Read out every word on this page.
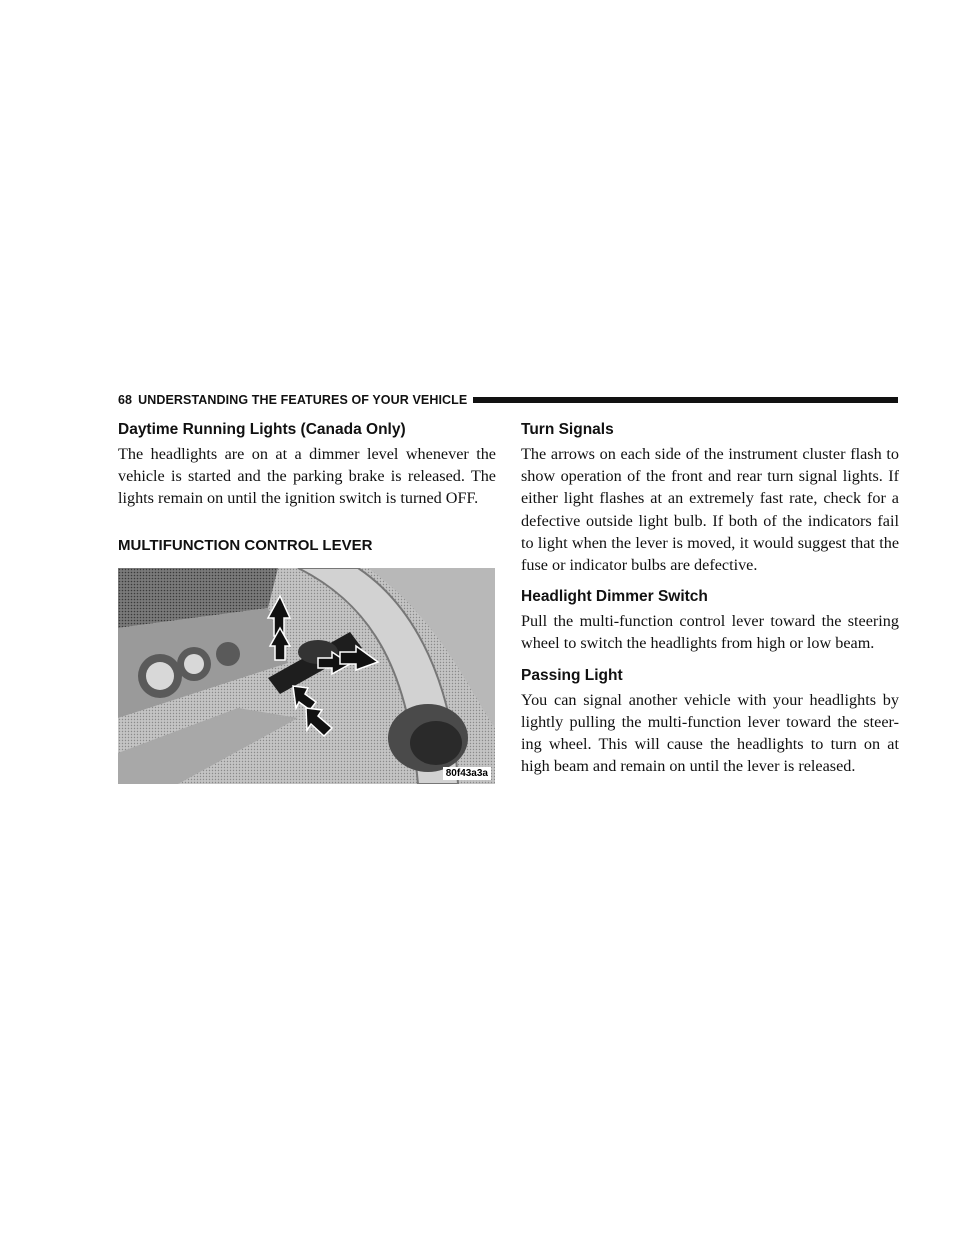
68 UNDERSTANDING THE FEATURES OF YOUR VEHICLE
Daytime Running Lights (Canada Only)

The headlights are on at a dimmer level whenever the vehicle is started and the parking brake is released. The lights remain on until the ignition switch is turned OFF.

MULTIFUNCTION CONTROL LEVER
80f43a3a
Turn Signals

The arrows on each side of the instrument cluster flash to show operation of the front and rear turn signal lights. If either light flashes at an extremely fast rate, check for a defective outside light bulb. If both of the indicators fail to light when the lever is moved, it would suggest that the fuse or indicator bulbs are defective.

Headlight Dimmer Switch

Pull the multi-function control lever toward the steering wheel to switch the headlights from high or low beam.

Passing Light

You can signal another vehicle with your headlights by lightly pulling the multi-function lever toward the steer- ing wheel. This will cause the headlights to turn on at high beam and remain on until the lever is released.
